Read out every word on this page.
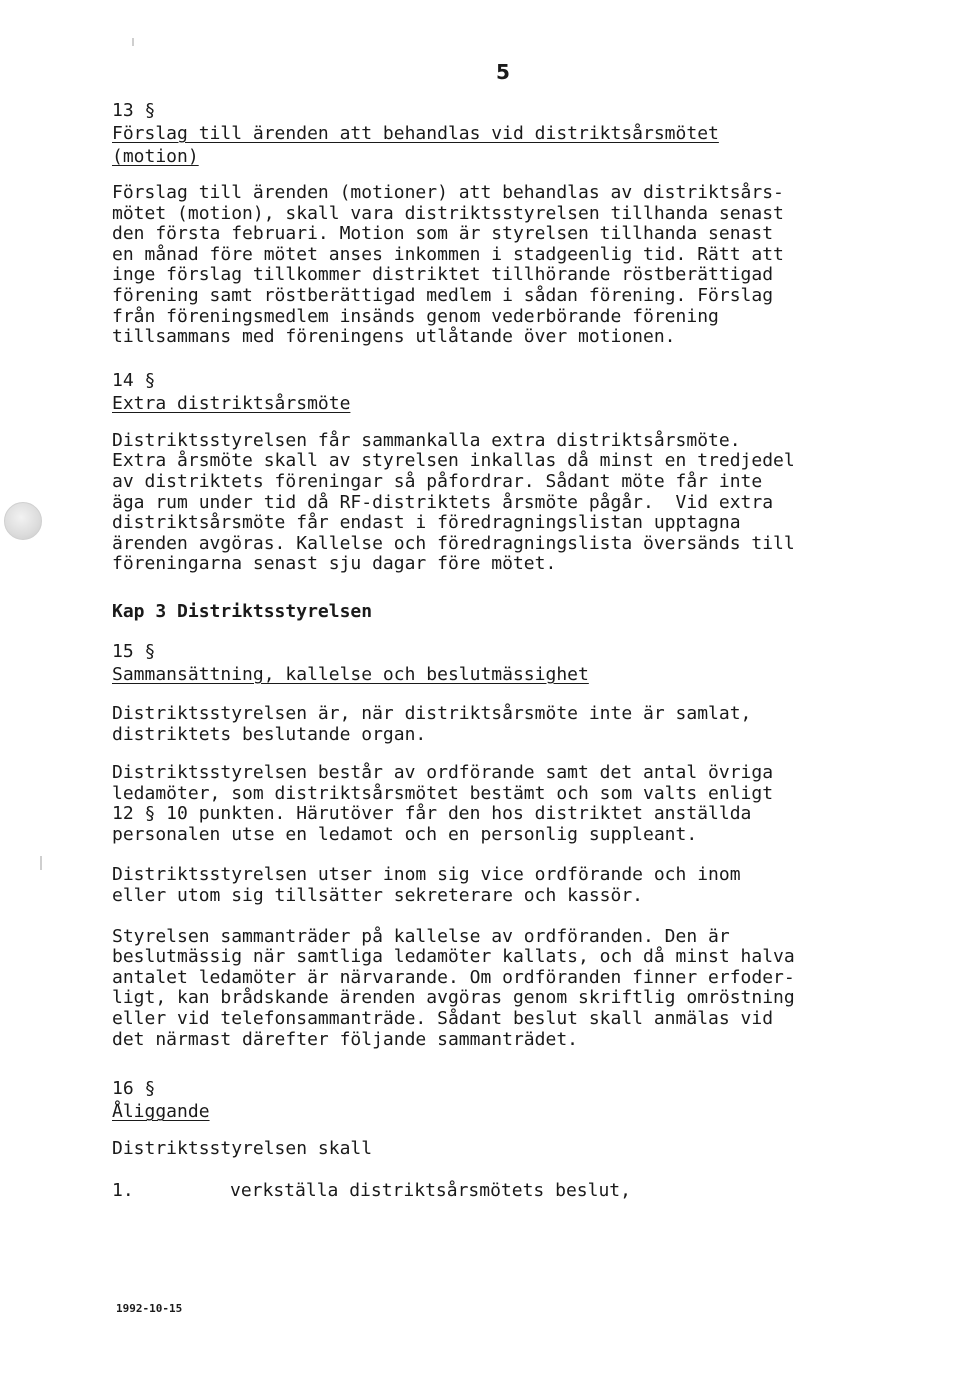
5
13 §
Förslag till ärenden att behandlas vid distriktsårsmötet
(motion)

Förslag till ärenden (motioner) att behandlas av distriktsårs-
mötet (motion), skall vara distriktsstyrelsen tillhanda senast
den första februari. Motion som är styrelsen tillhanda senast
en månad före mötet anses inkommen i stadgeenlig tid. Rätt att
inge förslag tillkommer distriktet tillhörande röstberättigad
förening samt röstberättigad medlem i sådan förening. Förslag
från föreningsmedlem insänds genom vederbörande förening
tillsammans med föreningens utlåtande över motionen.

14 §
Extra distriktsårsmöte

Distriktsstyrelsen får sammankalla extra distriktsårsmöte.
Extra årsmöte skall av styrelsen inkallas då minst en tredjedel
av distriktets föreningar så påfordrar. Sådant möte får inte
äga rum under tid då RF-distriktets årsmöte pågår.  Vid extra
distriktsårsmöte får endast i föredragningslistan upptagna
ärenden avgöras. Kallelse och föredragningslista översänds till
föreningarna senast sju dagar före mötet.

Kap 3 Distriktsstyrelsen
15 §
Sammansättning, kallelse och beslutmässighet

Distriktsstyrelsen är, när distriktsårsmöte inte är samlat,
distriktets beslutande organ.

Distriktsstyrelsen består av ordförande samt det antal övriga
ledamöter, som distriktsårsmötet bestämt och som valts enligt
12 § 10 punkten. Härutöver får den hos distriktet anställda
personalen utse en ledamot och en personlig suppleant.

Distriktsstyrelsen utser inom sig vice ordförande och inom
eller utom sig tillsätter sekreterare och kassör.

Styrelsen sammanträder på kallelse av ordföranden. Den är
beslutmässig när samtliga ledamöter kallats, och då minst halva
antalet ledamöter är närvarande. Om ordföranden finner erfoder-
ligt, kan brådskande ärenden avgöras genom skriftlig omröstning
eller vid telefonsammanträde. Sådant beslut skall anmälas vid
det närmast därefter följande sammanträdet.

16 §
Åliggande

Distriktsstyrelsen skall

1.	verkställa distriktsårsmötets beslut,
1992-10-15
